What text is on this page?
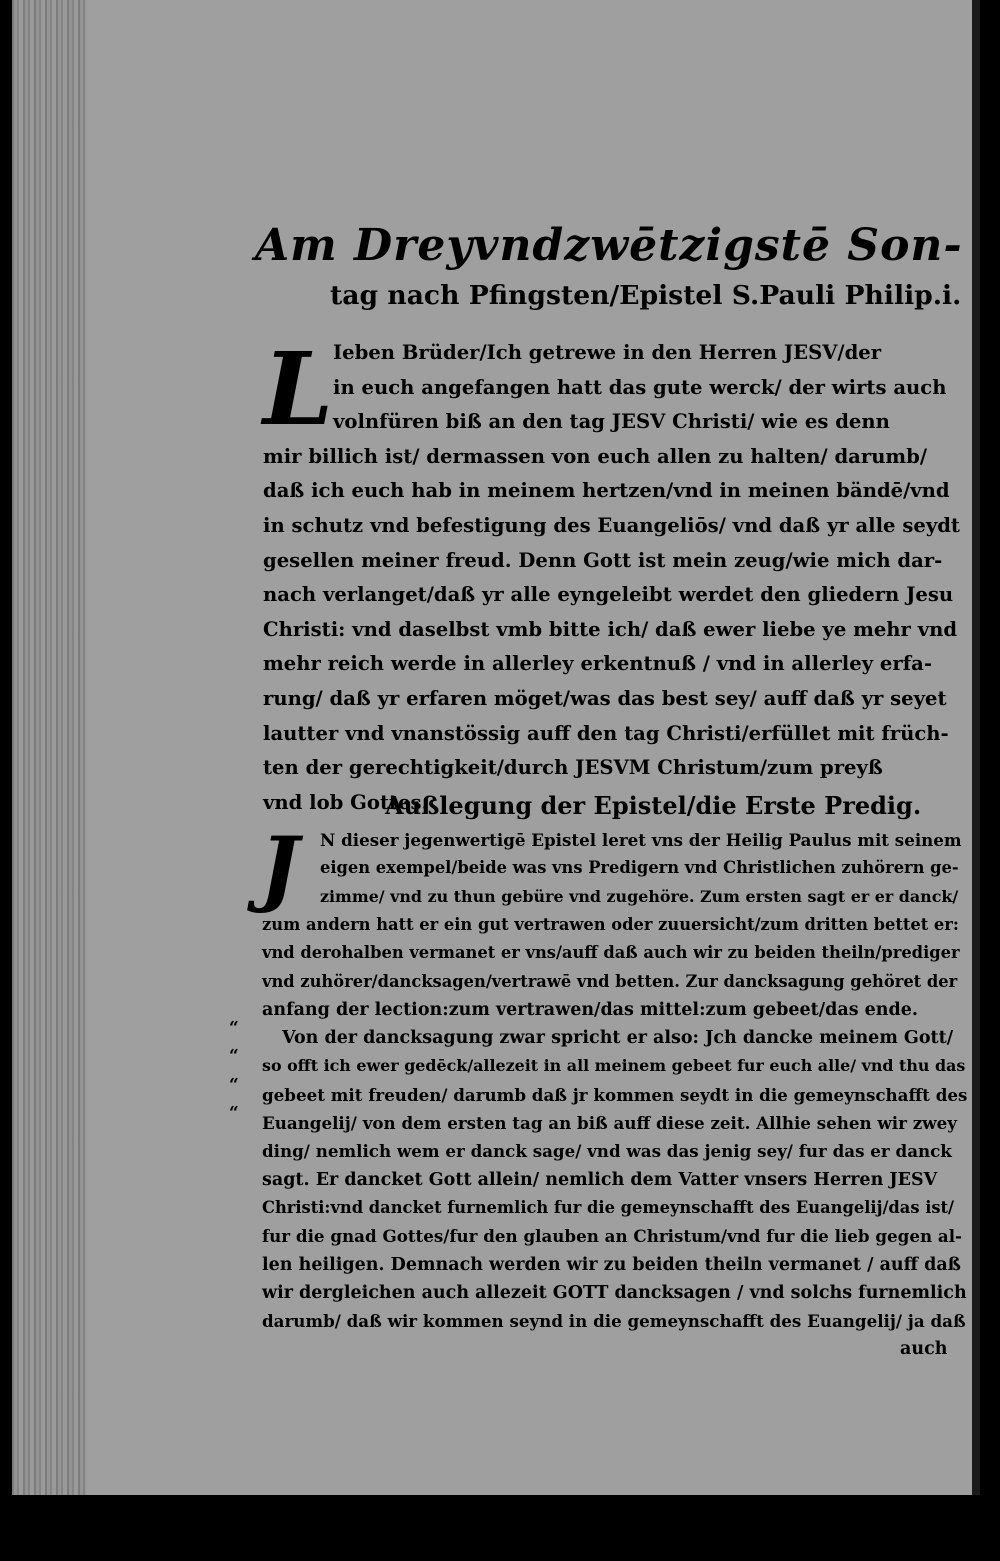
Am Dreyvndzwētzigstē Son-
tag nach Pfingsten/Epistel S.Pauli Philip.i.
L Ieben Brüder/Ich getrewe in den Herren JESV/der
in euch angefangen hatt das gute werck/ der wirts auch
volnfüren biß an den tag JESV Christi/ wie es denn
mir billich ist/ dermassen von euch allen zu halten/ darumb/
daß ich euch hab in meinem hertzen/vnd in meinen bändē/vnd
in schutz vnd befestigung des Euangeliōs/ vnd daß yr alle seydt
gesellen meiner freud. Denn Gott ist mein zeug/wie mich dar-
nach verlanget/daß yr alle eyngeleibt werdet den gliedern Jesu
Christi: vnd daselbst vmb bitte ich/ daß ewer liebe ye mehr vnd
mehr reich werde in allerley erkentnuß / vnd in allerley erfa-
rung/ daß yr erfaren möget/was das best sey/ auff daß yr seyet
lautter vnd vnanstössig auff den tag Christi/erfüllet mit früch-
ten der gerechtigkeit/durch JESVM Christum/zum preyß
vnd lob Gottes.
Außlegung der Epistel/die Erste Predig.
J	N dieser jegenwertigē Epistel leret vns der Heilig Paulus mit seinem
eigen exempel/beide was vns Predigern vnd Christlichen zuhörern ge-
zimme/ vnd zu thun gebüre vnd zugehöre. Zum ersten sagt er er danck/
zum andern hatt er ein gut vertrawen oder zuuersicht/zum dritten bettet er:
vnd derohalben vermanet er vns/auff daß auch wir zu beiden theiln/prediger
vnd zuhörer/dancksagen/vertrawē vnd betten. Zur dancksagung gehöret der
anfang der lection:zum vertrawen/das mittel:zum gebeet/das ende.
Von der dancksagung zwar spricht er also: Jch dancke meinem Gott/
so offt ich ewer gedēck/allezeit in all meinem gebeet fur euch alle/ vnd thu das
gebeet mit freuden/ darumb daß jr kommen seydt in die gemeynschafft des
Euangelij/ von dem ersten tag an biß auff diese zeit. Allhie sehen wir zwey
ding/ nemlich wem er danck sage/ vnd was das jenig sey/ fur das er danck
sagt. Er dancket Gott allein/ nemlich dem Vatter vnsers Herren JESV
Christi:vnd dancket furnemlich fur die gemeynschafft des Euangelij/das ist/
fur die gnad Gottes/fur den glauben an Christum/vnd fur die lieb gegen al-
len heiligen. Demnach werden wir zu beiden theiln vermanet / auff daß
wir dergleichen auch allezeit GOTT dancksagen / vnd solchs furnemlich
darumb/ daß wir kommen seynd in die gemeynschafft des Euangelij/ ja daß
auch
“
“
“
“
